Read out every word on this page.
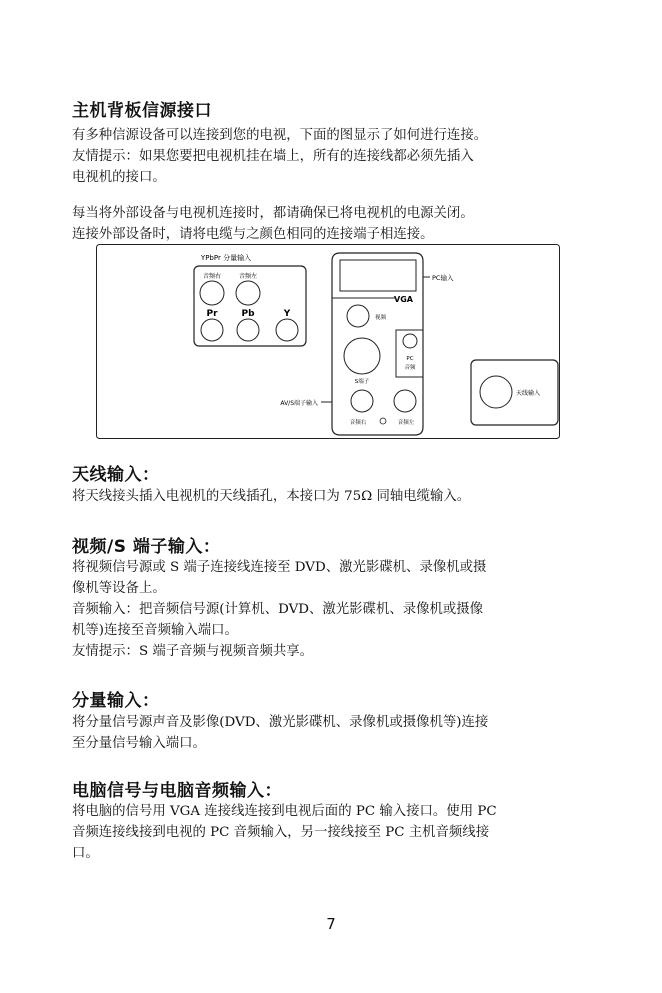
主机背板信源接口
有多种信源设备可以连接到您的电视，下面的图显示了如何进行连接。
友情提示：如果您要把电视机挂在墙上，所有的连接线都必须先插入
电视机的接口。
每当将外部设备与电视机连接时，都请确保已将电视机的电源关闭。
连接外部设备时，请将电缆与之颜色相同的连接端子相连接。
YPbPr 分量输入
音频右	音频左
Pr	Pb	Y
PC输入
VGA
视频
PC
音频
S端子
AV/S端子输入
音频右	音频左
天线输入
天线输入：
将天线接头插入电视机的天线插孔，本接口为 75Ω 同轴电缆输入。
视频/S 端子输入：
将视频信号源或 S 端子连接线连接至 DVD、激光影碟机、录像机或摄
像机等设备上。
音频输入：把音频信号源(计算机、DVD、激光影碟机、录像机或摄像
机等)连接至音频输入端口。
友情提示：S 端子音频与视频音频共享。
分量输入：
将分量信号源声音及影像(DVD、激光影碟机、录像机或摄像机等)连接
至分量信号输入端口。
电脑信号与电脑音频输入：
将电脑的信号用 VGA 连接线连接到电视后面的 PC 输入接口。使用 PC
音频连接线接到电视的 PC 音频输入，另一接线接至 PC 主机音频线接
口。
7
